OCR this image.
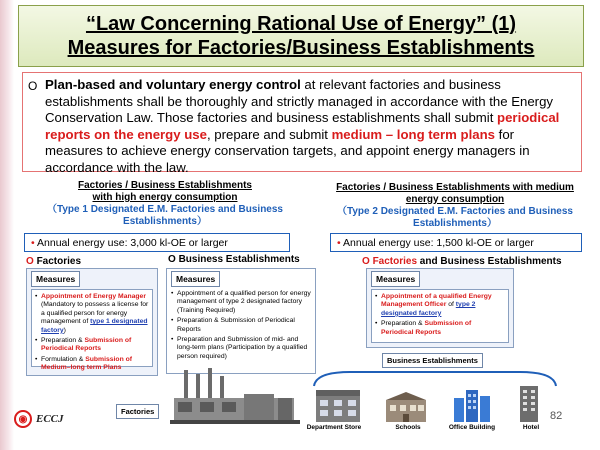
“Law Concerning Rational Use of Energy” (1)
Measures for Factories/Business Establishments
O Plan-based and voluntary energy control at relevant factories and business establishments shall be thoroughly and strictly managed in accordance with the Energy Conservation Law. Those factories and business establishments shall submit periodical reports on the energy use, prepare and submit medium – long term plans for measures to achieve energy conservation targets, and appoint energy managers in accordance with the law.
Factories / Business Establishments
with high energy consumption
（Type 1 Designated E.M. Factories and Business Establishments）
Factories / Business Establishments with medium
energy consumption
（Type 2 Designated E.M. Factories and Business Establishments）
• Annual energy use: 3,000 kl-OE or larger	• Annual energy use: 1,500 kl-OE or larger
O Factories	O Business Establishments	O Factories and Business Establishments
Measures
• Appointment of Energy Manager (Mandatory to possess a license for a qualified person for energy management of type 1 designated factory)
• Preparation & Submission of Periodical Reports
• Formulation & Submission of Medium–long term Plans
Measures
• Appointment of a qualified person for energy management of type 2 designated factory (Training Required)
• Preparation & Submission of Periodical Reports
• Preparation and Submission of mid- and long-term plans (Participation by a qualified person required)
Measures
• Appointment of a qualified Energy Management Officer of type 2 designated factory
• Preparation & Submission of Periodical Reports
Business Establishments
Factories
Department Store	Schools	Office Building	Hotel
82
◉ ECCJ
